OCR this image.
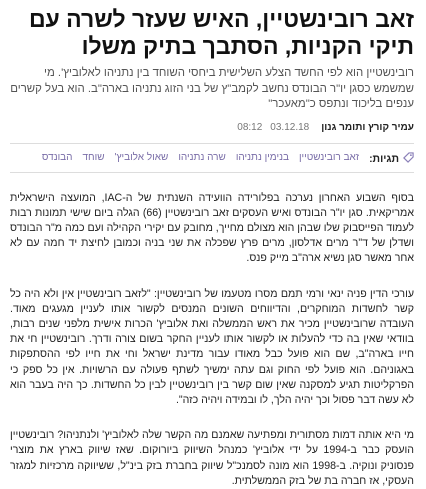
זאב רובינשטיין, האיש שעזר לשרה עם תיקי הקניות, הסתבך בתיק משלו

רובינשטיין הוא לפי החשד הצלע השלישית ביחסי השוחד בין נתניהו לאלוביץ'. מי שמשמש כסגן יו"ר הבונדס נחשב לקמב"ץ של בני הזוג נתניהו בארה"ב. הוא בעל קשרים ענפים בליכוד ונתפס כ"מאעכר"

עמיר קורץ ותומר גנון
03.12.18
08:12
תגיות:
זאב רובינשטיין
בנימין נתניהו
שרה נתניהו
שאול אלוביץ'
שוחד
הבונדס

בסוף השבוע האחרון נערכה בפלורידה הוועידה השנתית של ה-IAC, המועצה הישראלית אמריקאית. סגן יו"ר הבונדס ואיש העסקים זאב רובינשטיין (66) הגלה ביום שישי תמונות רבות לעמוד הפייסבוק שלו שבהן הוא מצולם מחייך, מחובק עם יקירי הקהילה ועם כמה מ"ר הבונדס ושדלן של ד"ר מרים אדלסון, מרים פרץ שפכלה את שני בניה וכמובן לחיצת יד חמה עם לא אחר מאשר סגן נשיא ארה"ב מייק פנס.

עורכי הדין פניה ינאי ורמי תמם מסרו מטעמו של רובינשטיין: "לזאב רובינשטיין אין ולא היה כל קשר לחשדות המוחקרים, והדיווחים השונים המנסים לקשור אותו לעניין מגעגים מאוד. העובדה שרובינשטיין מכיר את ראש הממשלה ואת אלוביץ' הכרות אישית מלפני שנים רבות, בוודאי שאין בה כדי להעלות או לקשור אותו לעניין החקר בשום צורה ודרך. רובינשטיין חי את חייו בארה"ב, שם הוא פועל כבל מאודו עבור מדינת ישראל וחי את חייו לפי ההסתפקות באגוניהם. הוא פועל לפי החוק וגם עתה ימשיך לשתף פעולה עם הרשויות. אין כל ספק כי הפרקליטות תגיע למסקנה שאין שום קשר בין רובינשטיין לבין כל החשדות. כך היה בעבר הוא לא עשה דבר פסול וכך יהיה הלך, לו ובמידה ויהיה כזה".

מי היא אותה דמות מסתורית ומפתיעה שאמנם מה הקשר שלה לאלוביץ' ולנתניהו? רובינשטיין הועסק כבר ב-1994 על ידי אלוביץ' כמנהל השיווק ביורוקום. שאז שיווק בארץ את מוצרי פנסוניק ונוקיה. ב-1998 הוא מונה לסמנכ"ל שיווק בחברת בזק בינ"ל, ששיווקה מרכזיות למגזר העסקי, אז חברה בת של בזק הממשלתית.
